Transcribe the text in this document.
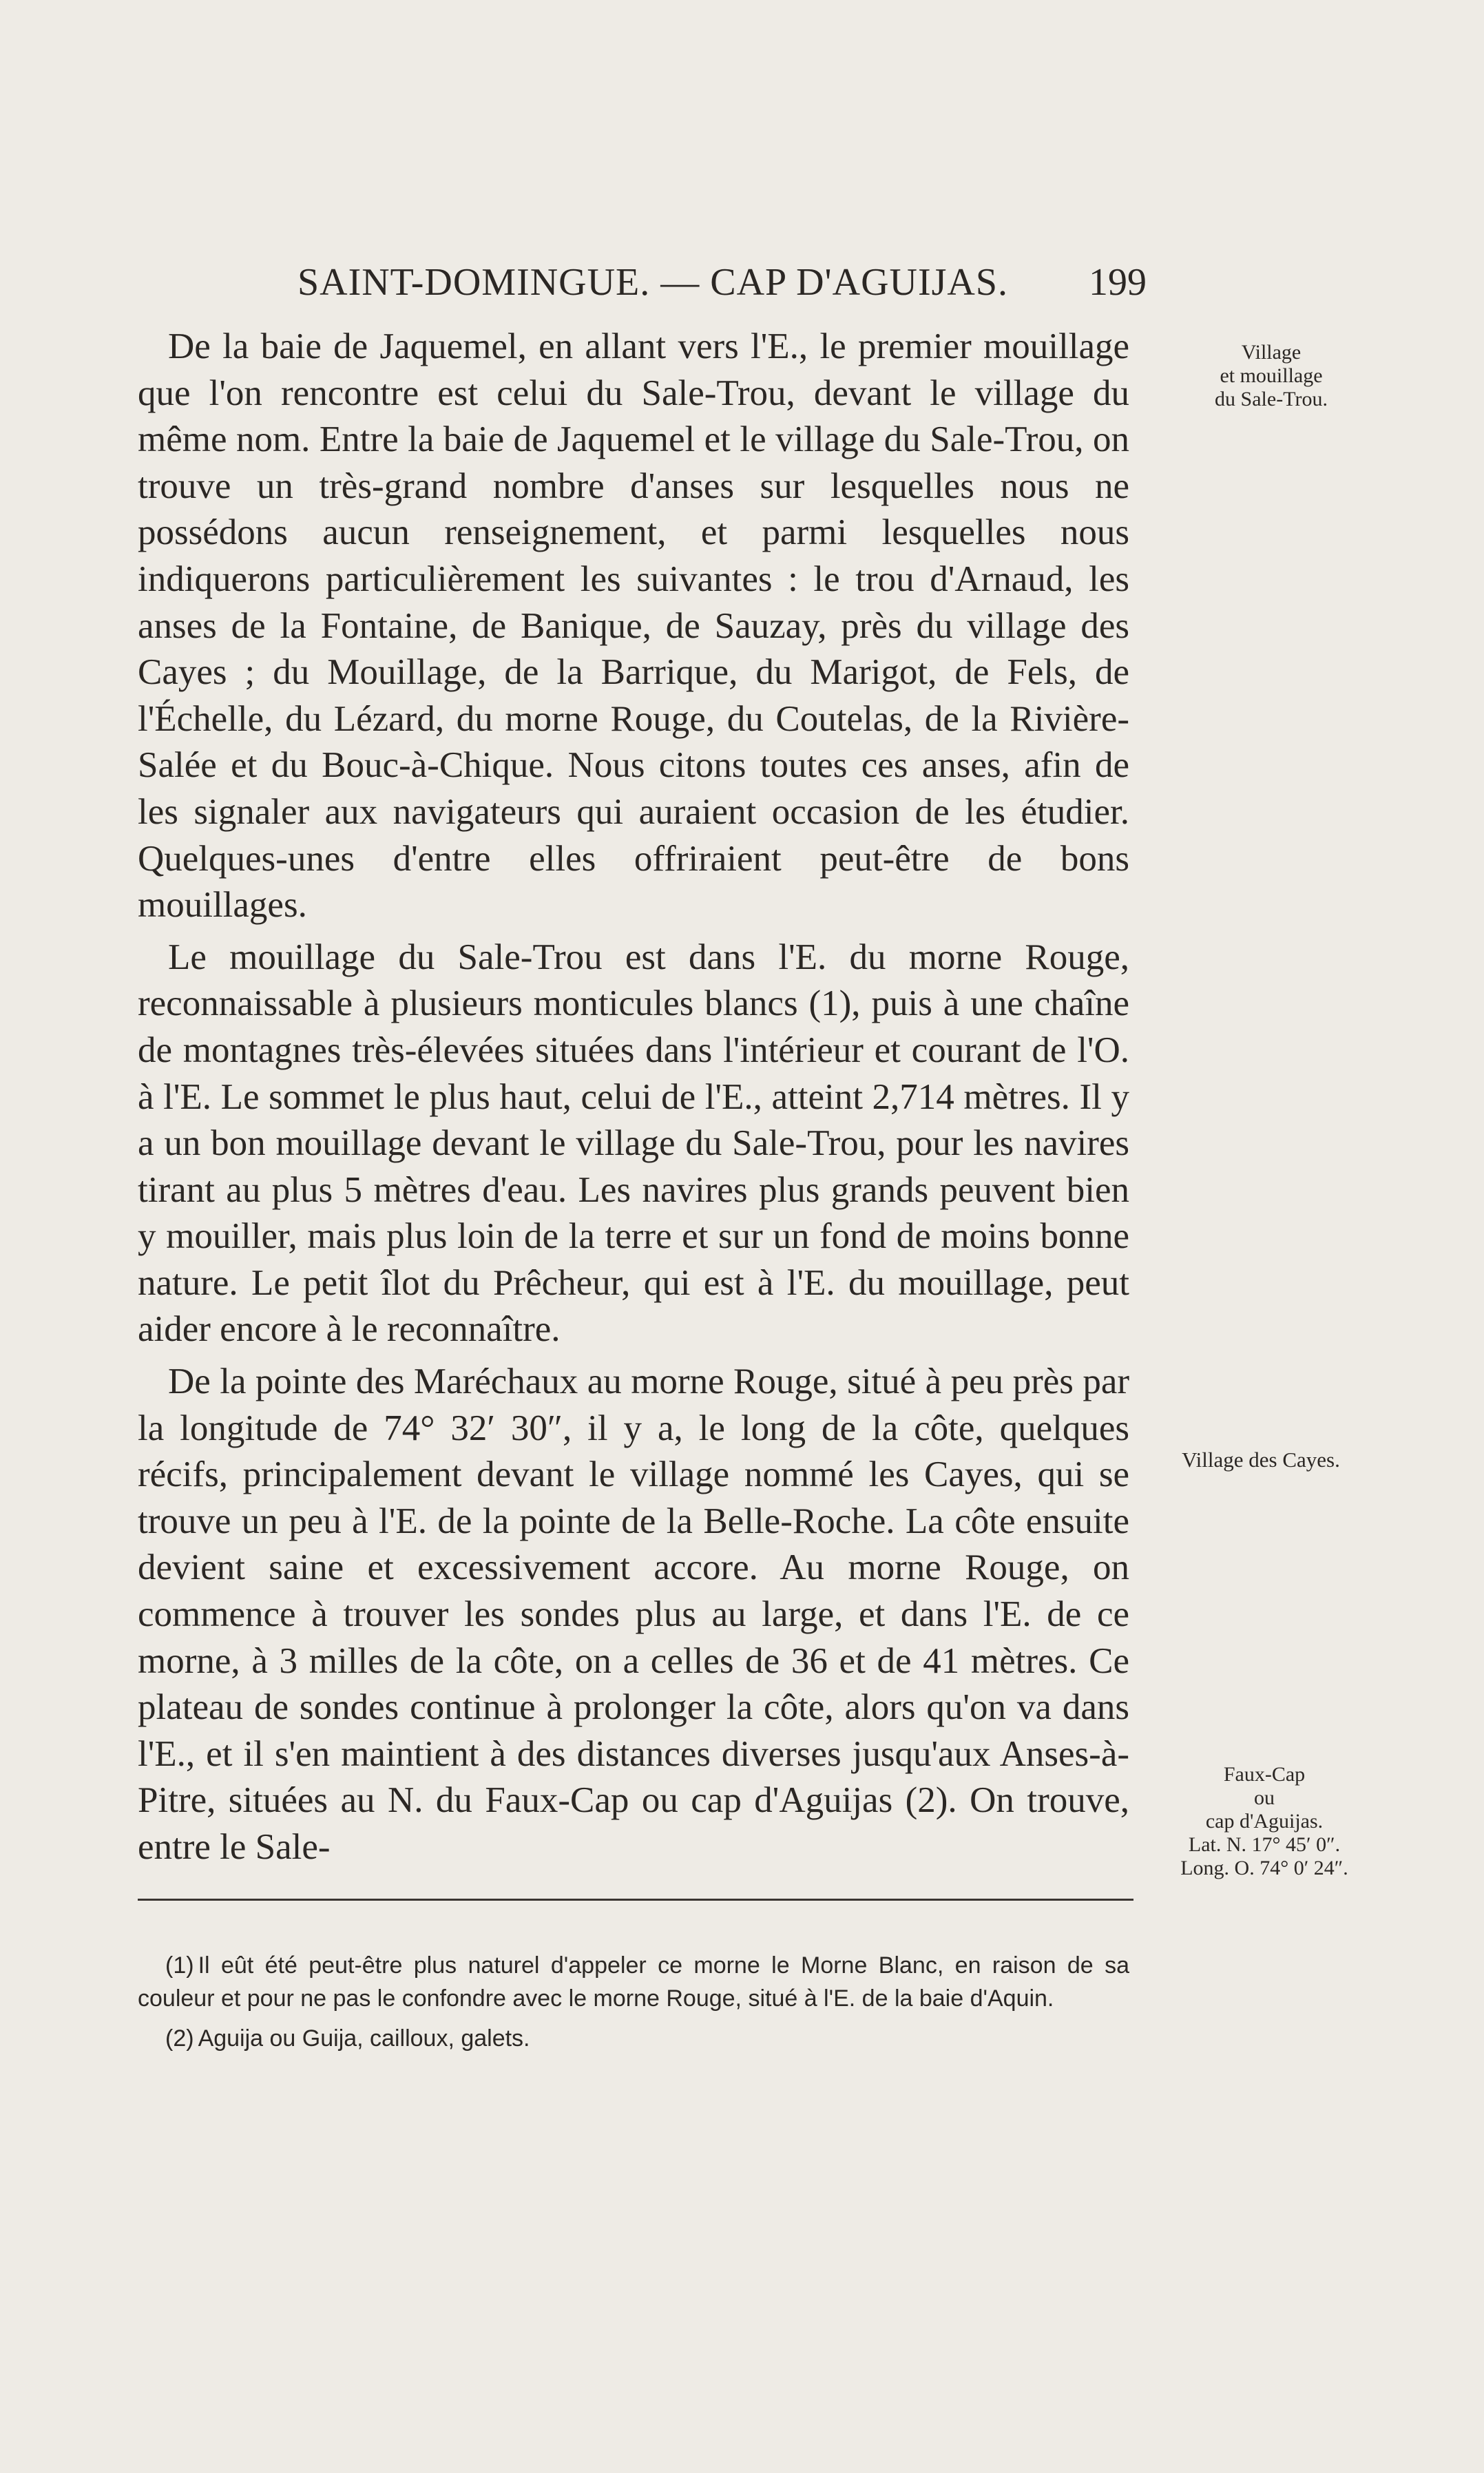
SAINT-DOMINGUE. — CAP D'AGUIJAS. 199

De la baie de Jaquemel, en allant vers l'E., le premier mouillage que l'on rencontre est celui du Sale-Trou, devant le village du même nom. Entre la baie de Jaquemel et le village du Sale-Trou, on trouve un très-grand nombre d'anses sur lesquelles nous ne possédons aucun renseignement, et parmi lesquelles nous indiquerons particulièrement les suivantes : le trou d'Arnaud, les anses de la Fontaine, de Banique, de Sauzay, près du village des Cayes ; du Mouillage, de la Barrique, du Marigot, de Fels, de l'Échelle, du Lézard, du morne Rouge, du Coutelas, de la Rivière-Salée et du Bouc-à-Chique. Nous citons toutes ces anses, afin de les signaler aux navigateurs qui auraient occasion de les étudier. Quelques-unes d'entre elles offriraient peut-être de bons mouillages.

Le mouillage du Sale-Trou est dans l'E. du morne Rouge, reconnaissable à plusieurs monticules blancs (1), puis à une chaîne de montagnes très-élevées situées dans l'intérieur et courant de l'O. à l'E. Le sommet le plus haut, celui de l'E., atteint 2,714 mètres. Il y a un bon mouillage devant le village du Sale-Trou, pour les navires tirant au plus 5 mètres d'eau. Les navires plus grands peuvent bien y mouiller, mais plus loin de la terre et sur un fond de moins bonne nature. Le petit îlot du Prêcheur, qui est à l'E. du mouillage, peut aider encore à le reconnaître.

De la pointe des Maréchaux au morne Rouge, situé à peu près par la longitude de 74° 32′ 30″, il y a, le long de la côte, quelques récifs, principalement devant le village nommé les Cayes, qui se trouve un peu à l'E. de la pointe de la Belle-Roche. La côte ensuite devient saine et excessivement accore. Au morne Rouge, on commence à trouver les sondes plus au large, et dans l'E. de ce morne, à 3 milles de la côte, on a celles de 36 et de 41 mètres. Ce plateau de sondes continue à prolonger la côte, alors qu'on va dans l'E., et il s'en maintient à des distances diverses jusqu'aux Anses-à-Pitre, situées au N. du Faux-Cap ou cap d'Aguijas (2). On trouve, entre le Sale-

Village
et mouillage
du Sale-Trou.
Village des Cayes.
Faux-Cap
ou
cap d'Aguijas.
Lat. N. 17° 45′ 0″.
Long. O. 74° 0′ 24″.

(1) Il eût été peut-être plus naturel d'appeler ce morne le Morne Blanc, en raison de sa couleur et pour ne pas le confondre avec le morne Rouge, situé à l'E. de la baie d'Aquin.

(2) Aguija ou Guija, cailloux, galets.
